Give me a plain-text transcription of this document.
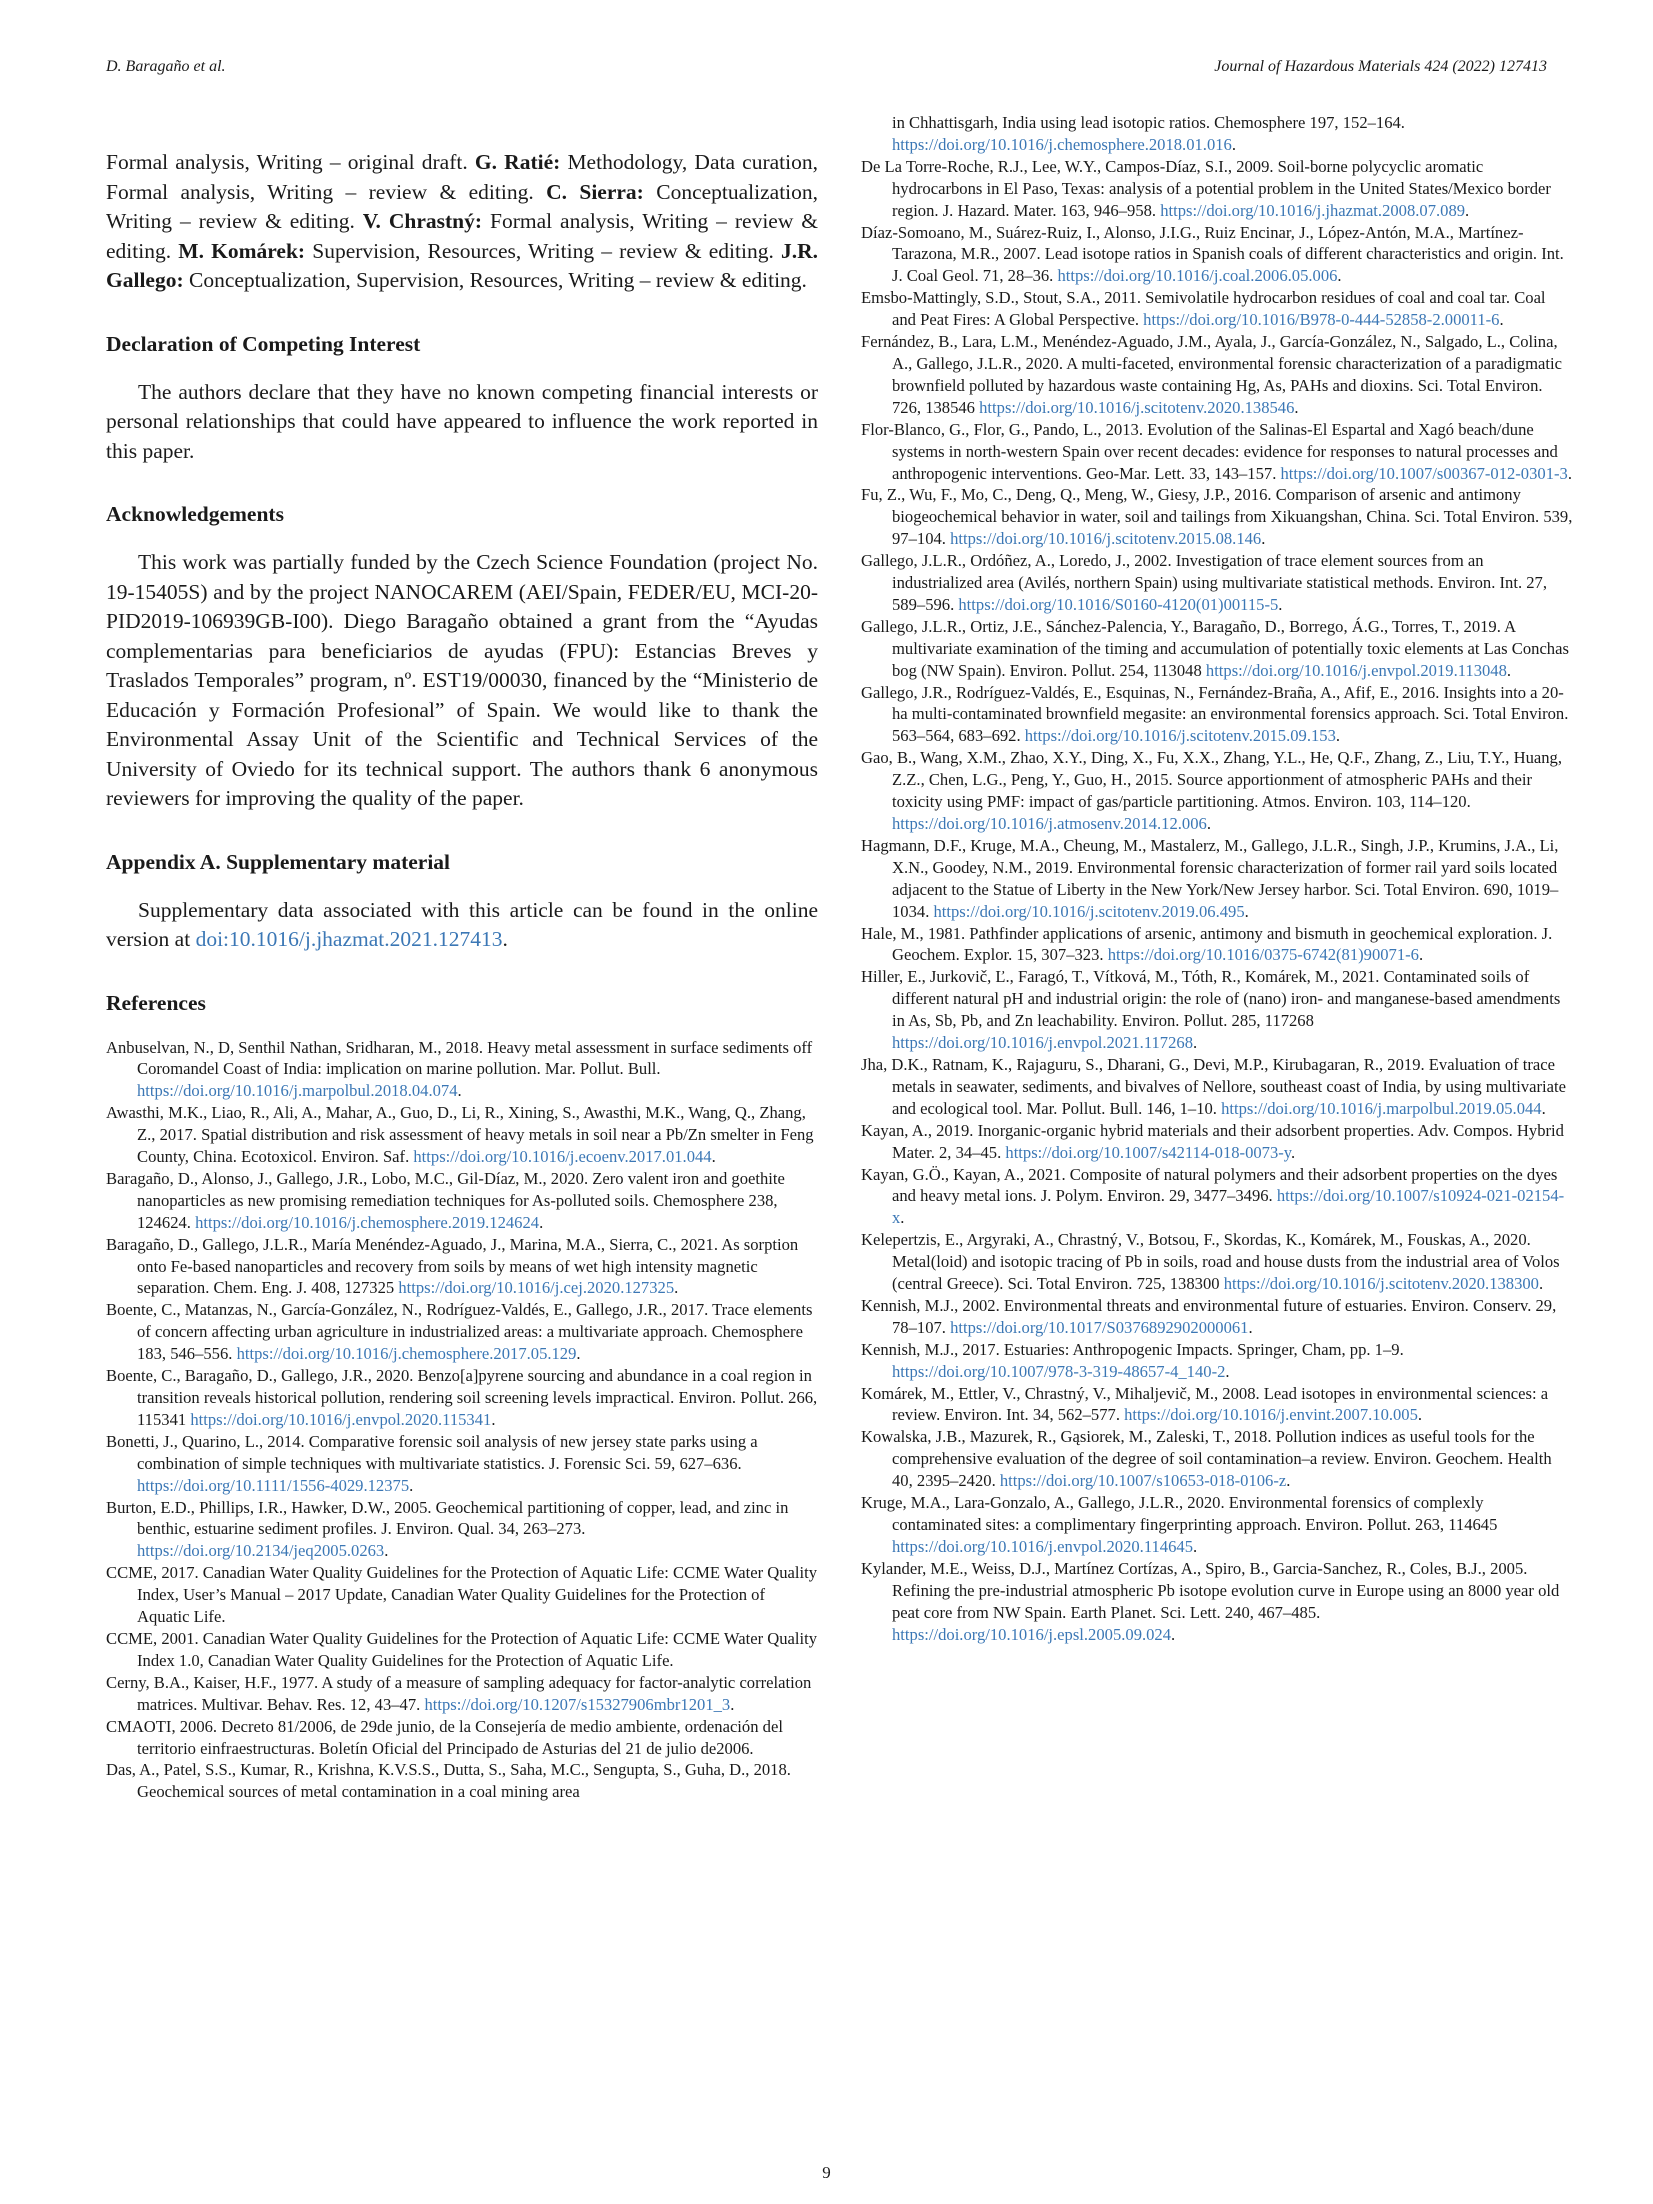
D. Baragaño et al.	Journal of Hazardous Materials 424 (2022) 127413

Formal analysis, Writing – original draft. G. Ratié: Methodology, Data curation, Formal analysis, Writing – review & editing. C. Sierra: Conceptualization, Writing – review & editing. V. Chrastný: Formal analysis, Writing – review & editing. M. Komárek: Supervision, Resources, Writing – review & editing. J.R. Gallego: Conceptualization, Supervision, Resources, Writing – review & editing.

Declaration of Competing Interest

The authors declare that they have no known competing financial interests or personal relationships that could have appeared to influence the work reported in this paper.

Acknowledgements

This work was partially funded by the Czech Science Foundation (project No. 19-15405S) and by the project NANOCAREM (AEI/Spain, FEDER/EU, MCI-20-PID2019-106939GB-I00). Diego Baragaño obtained a grant from the “Ayudas complementarias para beneficiarios de ayudas (FPU): Estancias Breves y Traslados Temporales” program, nº. EST19/00030, financed by the “Ministerio de Educación y Formación Profesional” of Spain. We would like to thank the Environmental Assay Unit of the Scientific and Technical Services of the University of Oviedo for its technical support. The authors thank 6 anonymous reviewers for improving the quality of the paper.

Appendix A. Supplementary material

Supplementary data associated with this article can be found in the online version at doi:10.1016/j.jhazmat.2021.127413.

References

Anbuselvan, N., D, Senthil Nathan, Sridharan, M., 2018. Heavy metal assessment in surface sediments off Coromandel Coast of India: implication on marine pollution. Mar. Pollut. Bull. https://doi.org/10.1016/j.marpolbul.2018.04.074.

Awasthi, M.K., Liao, R., Ali, A., Mahar, A., Guo, D., Li, R., Xining, S., Awasthi, M.K., Wang, Q., Zhang, Z., 2017. Spatial distribution and risk assessment of heavy metals in soil near a Pb/Zn smelter in Feng County, China. Ecotoxicol. Environ. Saf. https://doi.org/10.1016/j.ecoenv.2017.01.044.

Baragaño, D., Alonso, J., Gallego, J.R., Lobo, M.C., Gil-Díaz, M., 2020. Zero valent iron and goethite nanoparticles as new promising remediation techniques for As-polluted soils. Chemosphere 238, 124624. https://doi.org/10.1016/j.chemosphere.2019.124624.

Baragaño, D., Gallego, J.L.R., María Menéndez-Aguado, J., Marina, M.A., Sierra, C., 2021. As sorption onto Fe-based nanoparticles and recovery from soils by means of wet high intensity magnetic separation. Chem. Eng. J. 408, 127325 https://doi.org/10.1016/j.cej.2020.127325.

Boente, C., Matanzas, N., García-González, N., Rodríguez-Valdés, E., Gallego, J.R., 2017. Trace elements of concern affecting urban agriculture in industrialized areas: a multivariate approach. Chemosphere 183, 546–556. https://doi.org/10.1016/j.chemosphere.2017.05.129.

Boente, C., Baragaño, D., Gallego, J.R., 2020. Benzo[a]pyrene sourcing and abundance in a coal region in transition reveals historical pollution, rendering soil screening levels impractical. Environ. Pollut. 266, 115341 https://doi.org/10.1016/j.envpol.2020.115341.

Bonetti, J., Quarino, L., 2014. Comparative forensic soil analysis of new jersey state parks using a combination of simple techniques with multivariate statistics. J. Forensic Sci. 59, 627–636. https://doi.org/10.1111/1556-4029.12375.

Burton, E.D., Phillips, I.R., Hawker, D.W., 2005. Geochemical partitioning of copper, lead, and zinc in benthic, estuarine sediment profiles. J. Environ. Qual. 34, 263–273. https://doi.org/10.2134/jeq2005.0263.

CCME, 2017. Canadian Water Quality Guidelines for the Protection of Aquatic Life: CCME Water Quality Index, User’s Manual – 2017 Update, Canadian Water Quality Guidelines for the Protection of Aquatic Life.

CCME, 2001. Canadian Water Quality Guidelines for the Protection of Aquatic Life: CCME Water Quality Index 1.0, Canadian Water Quality Guidelines for the Protection of Aquatic Life.

Cerny, B.A., Kaiser, H.F., 1977. A study of a measure of sampling adequacy for factor-analytic correlation matrices. Multivar. Behav. Res. 12, 43–47. https://doi.org/10.1207/s15327906mbr1201_3.

CMAOTI, 2006. Decreto 81/2006, de 29de junio, de la Consejería de medio ambiente, ordenación del territorio einfraestructuras. Boletín Oficial del Principado de Asturias del 21 de julio de2006.

Das, A., Patel, S.S., Kumar, R., Krishna, K.V.S.S., Dutta, S., Saha, M.C., Sengupta, S., Guha, D., 2018. Geochemical sources of metal contamination in a coal mining area

in Chhattisgarh, India using lead isotopic ratios. Chemosphere 197, 152–164. https://doi.org/10.1016/j.chemosphere.2018.01.016.

De La Torre-Roche, R.J., Lee, W.Y., Campos-Díaz, S.I., 2009. Soil-borne polycyclic aromatic hydrocarbons in El Paso, Texas: analysis of a potential problem in the United States/Mexico border region. J. Hazard. Mater. 163, 946–958. https://doi.org/10.1016/j.jhazmat.2008.07.089.

Díaz-Somoano, M., Suárez-Ruiz, I., Alonso, J.I.G., Ruiz Encinar, J., López-Antón, M.A., Martínez-Tarazona, M.R., 2007. Lead isotope ratios in Spanish coals of different characteristics and origin. Int. J. Coal Geol. 71, 28–36. https://doi.org/10.1016/j.coal.2006.05.006.

Emsbo-Mattingly, S.D., Stout, S.A., 2011. Semivolatile hydrocarbon residues of coal and coal tar. Coal and Peat Fires: A Global Perspective. https://doi.org/10.1016/B978-0-444-52858-2.00011-6.

Fernández, B., Lara, L.M., Menéndez-Aguado, J.M., Ayala, J., García-González, N., Salgado, L., Colina, A., Gallego, J.L.R., 2020. A multi-faceted, environmental forensic characterization of a paradigmatic brownfield polluted by hazardous waste containing Hg, As, PAHs and dioxins. Sci. Total Environ. 726, 138546 https://doi.org/10.1016/j.scitotenv.2020.138546.

Flor-Blanco, G., Flor, G., Pando, L., 2013. Evolution of the Salinas-El Espartal and Xagó beach/dune systems in north-western Spain over recent decades: evidence for responses to natural processes and anthropogenic interventions. Geo-Mar. Lett. 33, 143–157. https://doi.org/10.1007/s00367-012-0301-3.

Fu, Z., Wu, F., Mo, C., Deng, Q., Meng, W., Giesy, J.P., 2016. Comparison of arsenic and antimony biogeochemical behavior in water, soil and tailings from Xikuangshan, China. Sci. Total Environ. 539, 97–104. https://doi.org/10.1016/j.scitotenv.2015.08.146.

Gallego, J.L.R., Ordóñez, A., Loredo, J., 2002. Investigation of trace element sources from an industrialized area (Avilés, northern Spain) using multivariate statistical methods. Environ. Int. 27, 589–596. https://doi.org/10.1016/S0160-4120(01)00115-5.

Gallego, J.L.R., Ortiz, J.E., Sánchez-Palencia, Y., Baragaño, D., Borrego, Á.G., Torres, T., 2019. A multivariate examination of the timing and accumulation of potentially toxic elements at Las Conchas bog (NW Spain). Environ. Pollut. 254, 113048 https://doi.org/10.1016/j.envpol.2019.113048.

Gallego, J.R., Rodríguez-Valdés, E., Esquinas, N., Fernández-Braña, A., Afif, E., 2016. Insights into a 20-ha multi-contaminated brownfield megasite: an environmental forensics approach. Sci. Total Environ. 563–564, 683–692. https://doi.org/10.1016/j.scitotenv.2015.09.153.

Gao, B., Wang, X.M., Zhao, X.Y., Ding, X., Fu, X.X., Zhang, Y.L., He, Q.F., Zhang, Z., Liu, T.Y., Huang, Z.Z., Chen, L.G., Peng, Y., Guo, H., 2015. Source apportionment of atmospheric PAHs and their toxicity using PMF: impact of gas/particle partitioning. Atmos. Environ. 103, 114–120. https://doi.org/10.1016/j.atmosenv.2014.12.006.

Hagmann, D.F., Kruge, M.A., Cheung, M., Mastalerz, M., Gallego, J.L.R., Singh, J.P., Krumins, J.A., Li, X.N., Goodey, N.M., 2019. Environmental forensic characterization of former rail yard soils located adjacent to the Statue of Liberty in the New York/New Jersey harbor. Sci. Total Environ. 690, 1019–1034. https://doi.org/10.1016/j.scitotenv.2019.06.495.

Hale, M., 1981. Pathfinder applications of arsenic, antimony and bismuth in geochemical exploration. J. Geochem. Explor. 15, 307–323. https://doi.org/10.1016/0375-6742(81)90071-6.

Hiller, E., Jurkovič, Ľ., Faragó, T., Vítková, M., Tóth, R., Komárek, M., 2021. Contaminated soils of different natural pH and industrial origin: the role of (nano) iron- and manganese-based amendments in As, Sb, Pb, and Zn leachability. Environ. Pollut. 285, 117268 https://doi.org/10.1016/j.envpol.2021.117268.

Jha, D.K., Ratnam, K., Rajaguru, S., Dharani, G., Devi, M.P., Kirubagaran, R., 2019. Evaluation of trace metals in seawater, sediments, and bivalves of Nellore, southeast coast of India, by using multivariate and ecological tool. Mar. Pollut. Bull. 146, 1–10. https://doi.org/10.1016/j.marpolbul.2019.05.044.

Kayan, A., 2019. Inorganic-organic hybrid materials and their adsorbent properties. Adv. Compos. Hybrid Mater. 2, 34–45. https://doi.org/10.1007/s42114-018-0073-y.

Kayan, G.Ö., Kayan, A., 2021. Composite of natural polymers and their adsorbent properties on the dyes and heavy metal ions. J. Polym. Environ. 29, 3477–3496. https://doi.org/10.1007/s10924-021-02154-x.

Kelepertzis, E., Argyraki, A., Chrastný, V., Botsou, F., Skordas, K., Komárek, M., Fouskas, A., 2020. Metal(loid) and isotopic tracing of Pb in soils, road and house dusts from the industrial area of Volos (central Greece). Sci. Total Environ. 725, 138300 https://doi.org/10.1016/j.scitotenv.2020.138300.

Kennish, M.J., 2002. Environmental threats and environmental future of estuaries. Environ. Conserv. 29, 78–107. https://doi.org/10.1017/S0376892902000061.

Kennish, M.J., 2017. Estuaries: Anthropogenic Impacts. Springer, Cham, pp. 1–9. https://doi.org/10.1007/978-3-319-48657-4_140-2.

Komárek, M., Ettler, V., Chrastný, V., Mihaljevič, M., 2008. Lead isotopes in environmental sciences: a review. Environ. Int. 34, 562–577. https://doi.org/10.1016/j.envint.2007.10.005.

Kowalska, J.B., Mazurek, R., Gąsiorek, M., Zaleski, T., 2018. Pollution indices as useful tools for the comprehensive evaluation of the degree of soil contamination–a review. Environ. Geochem. Health 40, 2395–2420. https://doi.org/10.1007/s10653-018-0106-z.

Kruge, M.A., Lara-Gonzalo, A., Gallego, J.L.R., 2020. Environmental forensics of complexly contaminated sites: a complimentary fingerprinting approach. Environ. Pollut. 263, 114645 https://doi.org/10.1016/j.envpol.2020.114645.

Kylander, M.E., Weiss, D.J., Martínez Cortízas, A., Spiro, B., Garcia-Sanchez, R., Coles, B.J., 2005. Refining the pre-industrial atmospheric Pb isotope evolution curve in Europe using an 8000 year old peat core from NW Spain. Earth Planet. Sci. Lett. 240, 467–485. https://doi.org/10.1016/j.epsl.2005.09.024.

9
